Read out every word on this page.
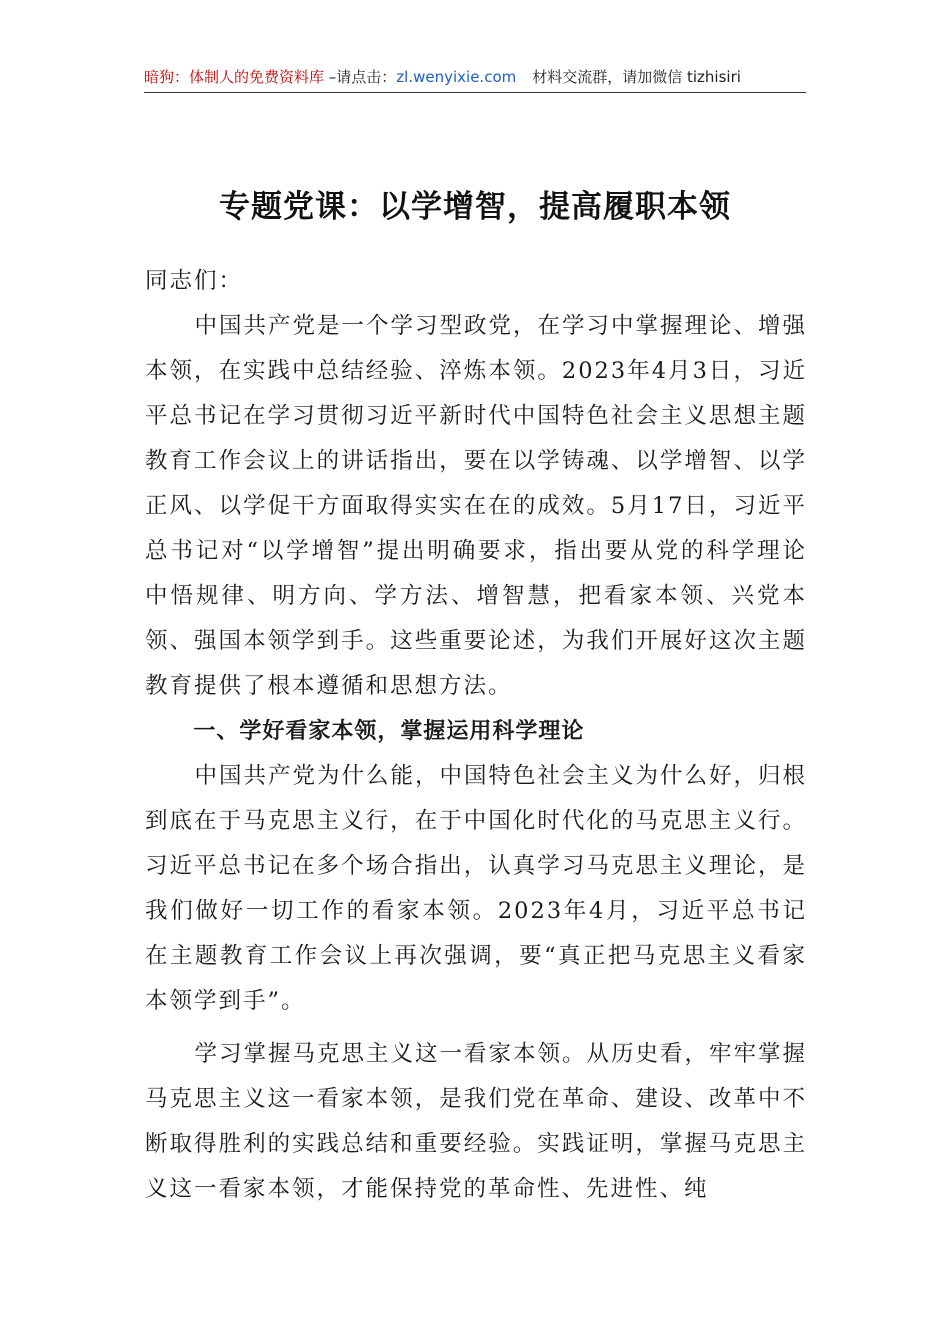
暗狗：体制人的免费资料库 –请点击：zl.wenyixie.com 材料交流群，请加微信 tizhisiri
专题党课：以学增智，提高履职本领

同志们：

中国共产党是一个学习型政党，在学习中掌握理论、增强本领，在实践中总结经验、淬炼本领。2023年4月3日，习近平总书记在学习贯彻习近平新时代中国特色社会主义思想主题教育工作会议上的讲话指出，要在以学铸魂、以学增智、以学正风、以学促干方面取得实实在在的成效。5月17日，习近平总书记对“以学增智”提出明确要求，指出要从党的科学理论中悟规律、明方向、学方法、增智慧，把看家本领、兴党本领、强国本领学到手。这些重要论述，为我们开展好这次主题教育提供了根本遵循和思想方法。

一、学好看家本领，掌握运用科学理论

中国共产党为什么能，中国特色社会主义为什么好，归根到底在于马克思主义行，在于中国化时代化的马克思主义行。习近平总书记在多个场合指出，认真学习马克思主义理论，是我们做好一切工作的看家本领。2023年4月，习近平总书记在主题教育工作会议上再次强调，要“真正把马克思主义看家本领学到手”。

学习掌握马克思主义这一看家本领。从历史看，牢牢掌握马克思主义这一看家本领，是我们党在革命、建设、改革中不断取得胜利的实践总结和重要经验。实践证明，掌握马克思主义这一看家本领，才能保持党的革命性、先进性、纯
